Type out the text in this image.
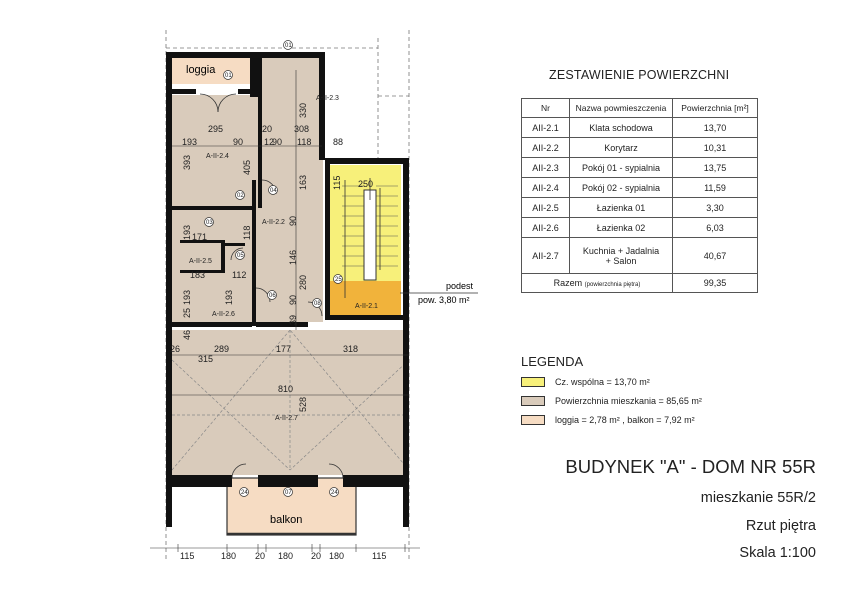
podest
pow. 3,80 m²
loggia
balkon
A-II-2.3
A-II-2.4
A-II-2.2
A-II-2.5
A-II-2.6
A-II-2.1
A-II-2.7
295	20 308
193	90 12
90 118 88
250
171
112
183
26	289
315
177	318
810
330
393	405
163	115
193	118
90
193	193
146
280
90
528
46
25
39
115	180 20 180 20 180	115
01
01
02
03
04
05
06
08
24	07	24
25
ZESTAWIENIE POWIERZCHNI
Nr	Nazwa powmieszczenia	Powierzchnia [m²]
AII-2.1	Klata schodowa	13,70
AII-2.2	Korytarz	10,31
AII-2.3	Pokój 01 - sypialnia	13,75
AII-2.4	Pokój 02 - sypialnia	11,59
AII-2.5	Łazienka 01	3,30
AII-2.6	Łazienka 02	6,03
AII-2.7	Kuchnia + Jadalnia
+ Salon	40,67
Razem (powierzchnia piętra)		99,35
LEGENDA
Cz. wspólna = 13,70 m²
Powierzchnia mieszkania = 85,65 m²
loggia = 2,78 m² , balkon = 7,92 m²
BUDYNEK "A" - DOM NR 55R
mieszkanie 55R/2
Rzut piętra
Skala 1:100
